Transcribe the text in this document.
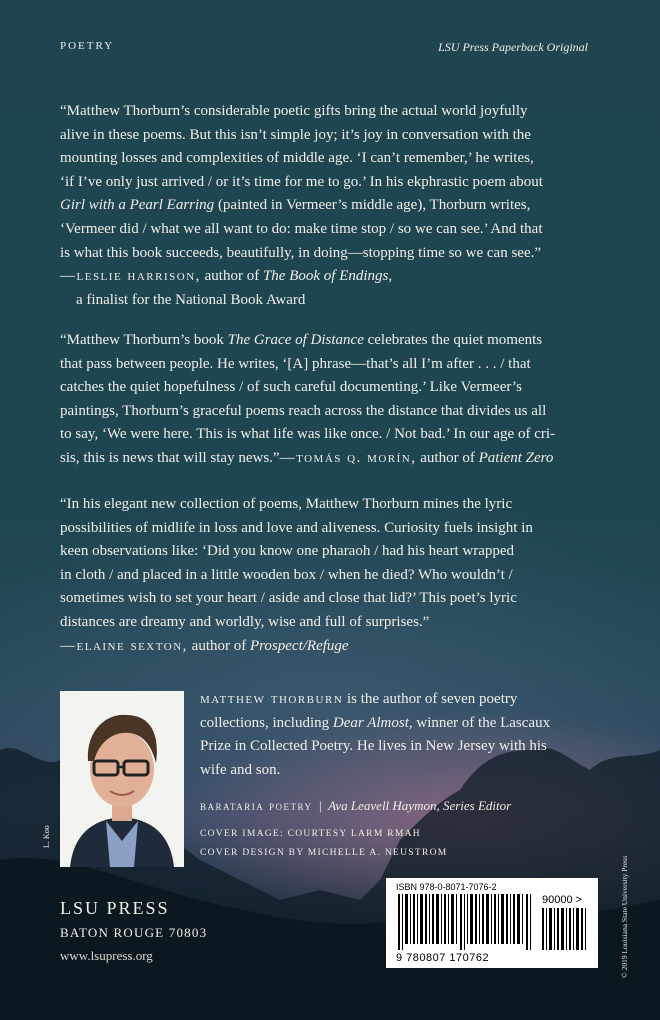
POETRY	LSU Press Paperback Original

“Matthew Thorburn’s considerable poetic gifts bring the actual world joyfully

alive in these poems. But this isn’t simple joy; it’s joy in conversation with the

mounting losses and complexities of middle age. ‘I can’t remember,’ he writes,

‘if I’ve only just arrived / or it’s time for me to go.’ In his ekphrastic poem about

Girl with a Pearl Earring (painted in Vermeer’s middle age), Thorburn writes,

‘Vermeer did / what we all want to do: make time stop / so we can see.’ And that

is what this book succeeds, beautifully, in doing—stopping time so we can see.”

—leslie harrison, author of The Book of Endings,

a finalist for the National Book Award

“Matthew Thorburn’s book The Grace of Distance celebrates the quiet moments

that pass between people. He writes, ‘[A] phrase—that’s all I’m after . . . / that

catches the quiet hopefulness / of such careful documenting.’ Like Vermeer’s

paintings, Thorburn’s graceful poems reach across the distance that divides us all

to say, ‘We were here. This is what life was like once. / Not bad.’ In our age of cri-

sis, this is news that will stay news.”—tomás q. morín, author of Patient Zero

“In his elegant new collection of poems, Matthew Thorburn mines the lyric

possibilities of midlife in loss and love and aliveness. Curiosity fuels insight in

keen observations like: ‘Did you know one pharaoh / had his heart wrapped

in cloth / and placed in a little wooden box / when he died? Who wouldn’t /

sometimes wish to set your heart / aside and close that lid?’ This poet’s lyric

distances are dreamy and worldly, wise and full of surprises.”

—elaine sexton, author of Prospect/Refuge

L. Koo
matthew thorburn is the author of seven poetry
collections, including Dear Almost, winner of the Lascaux
Prize in Collected Poetry. He lives in New Jersey with his
wife and son.
barataria poetry | Ava Leavell Haymon, Series Editor
COVER IMAGE: COURTESY LARM RMAH
COVER DESIGN BY MICHELLE A. NEUSTROM
LSU PRESS
BATON ROUGE 70803
www.lsupress.org
ISBN 978-0-8071-7076-2
90000 >
9 780807 170762	© 2019 Louisiana State University Press
